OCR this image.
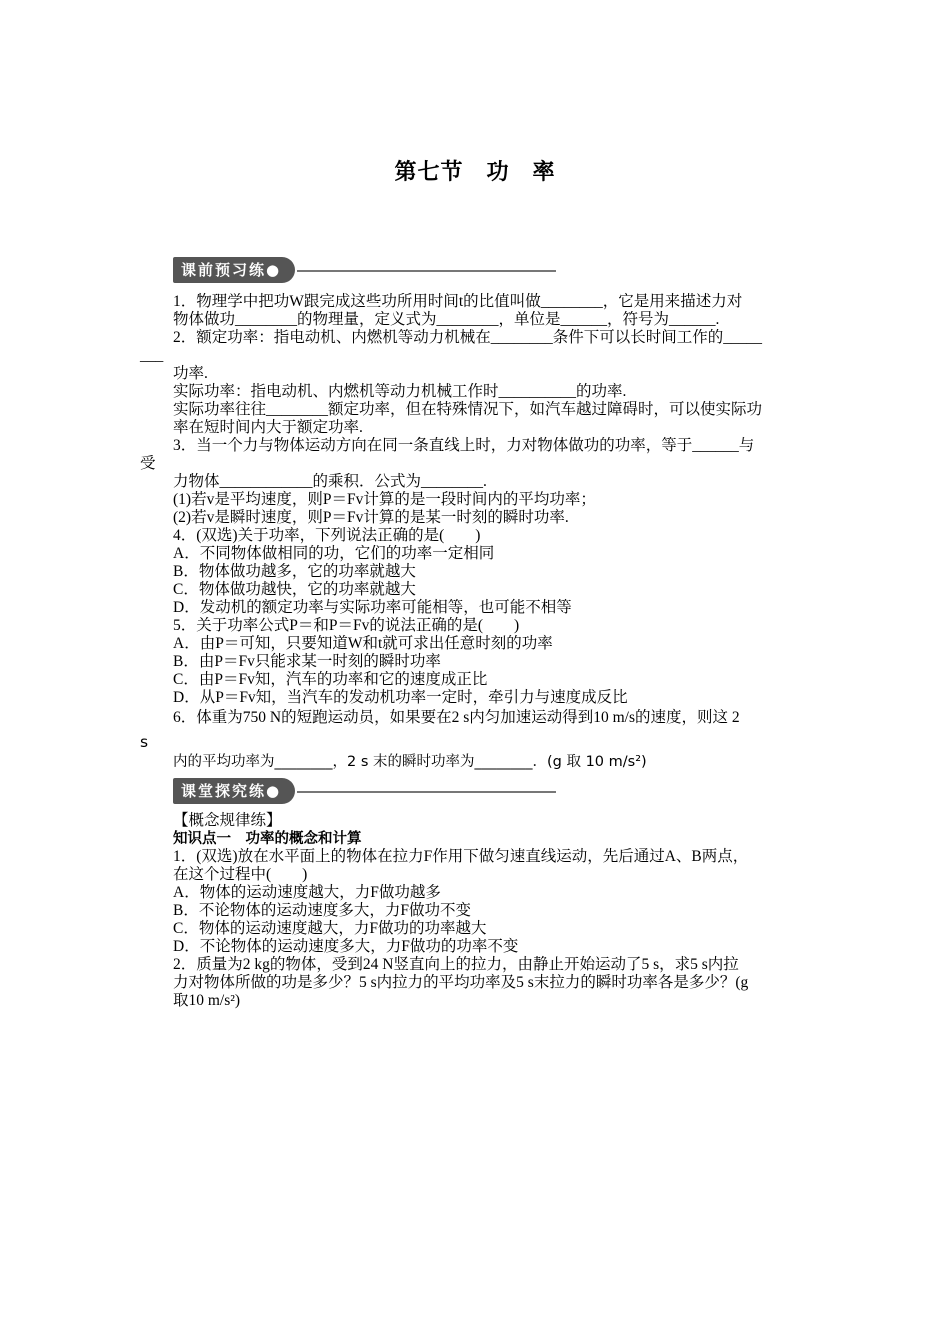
第七节　功　率
课前预习练●
1．物理学中把功W跟完成这些功所用时间t的比值叫做________，它是用来描述力对
物体做功________的物理量，定义式为________，单位是______，符号为______.
2．额定功率：指电动机、内燃机等动力机械在________条件下可以长时间工作的_____
___
功率.
实际功率：指电动机、内燃机等动力机械工作时__________的功率.
实际功率往往________额定功率，但在特殊情况下，如汽车越过障碍时，可以使实际功
率在短时间内大于额定功率.
3．当一个力与物体运动方向在同一条直线上时，力对物体做功的功率，等于______与
受
力物体____________的乘积．公式为________.
(1)若v是平均速度，则P＝Fv计算的是一段时间内的平均功率；
(2)若v是瞬时速度，则P＝Fv计算的是某一时刻的瞬时功率.
4．(双选)关于功率，下列说法正确的是(　　)
A．不同物体做相同的功，它们的功率一定相同
B．物体做功越多，它的功率就越大
C．物体做功越快，它的功率就越大
D．发动机的额定功率与实际功率可能相等，也可能不相等
5．关于功率公式P＝和P＝Fv的说法正确的是(　　)
A．由P＝可知，只要知道W和t就可求出任意时刻的功率
B．由P＝Fv只能求某一时刻的瞬时功率
C．由P＝Fv知，汽车的功率和它的速度成正比
D．从P＝Fv知，当汽车的发动机功率一定时，牵引力与速度成反比
6．体重为750 N的短跑运动员，如果要在2 s内匀加速运动得到10 m/s的速度，则这 2
s
内的平均功率为________，2 s 末的瞬时功率为________．(g 取 10 m/s²)
课堂探究练●
【概念规律练】
知识点一　功率的概念和计算
1．(双选)放在水平面上的物体在拉力F作用下做匀速直线运动，先后通过A、B两点，
在这个过程中(　　)
A．物体的运动速度越大，力F做功越多
B．不论物体的运动速度多大，力F做功不变
C．物体的运动速度越大，力F做功的功率越大
D．不论物体的运动速度多大，力F做功的功率不变
2．质量为2 kg的物体，受到24 N竖直向上的拉力，由静止开始运动了5 s，求5 s内拉
力对物体所做的功是多少？5 s内拉力的平均功率及5 s末拉力的瞬时功率各是多少？(g
取10 m/s²)
